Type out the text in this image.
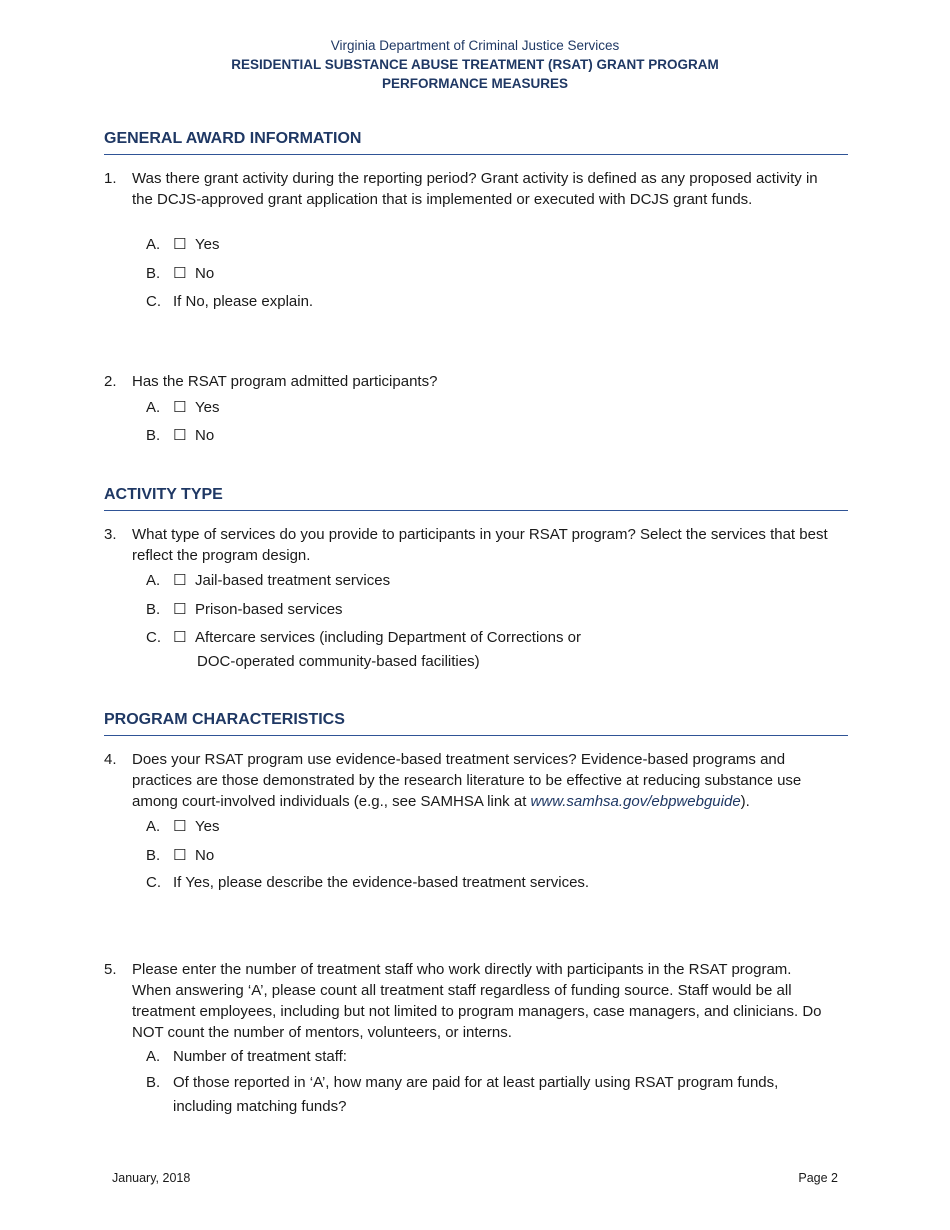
Virginia Department of Criminal Justice Services
RESIDENTIAL SUBSTANCE ABUSE TREATMENT (RSAT) GRANT PROGRAM
PERFORMANCE MEASURES
GENERAL AWARD INFORMATION
1. Was there grant activity during the reporting period? Grant activity is defined as any proposed activity in the DCJS-approved grant application that is implemented or executed with DCJS grant funds.
A. ☐ Yes
B. ☐ No
C. If No, please explain.
2. Has the RSAT program admitted participants?
A. ☐ Yes
B. ☐ No
ACTIVITY TYPE
3. What type of services do you provide to participants in your RSAT program? Select the services that best reflect the program design.
A. ☐ Jail-based treatment services
B. ☐ Prison-based services
C. ☐ Aftercare services (including Department of Corrections or
DOC-operated community-based facilities)
PROGRAM CHARACTERISTICS
4. Does your RSAT program use evidence-based treatment services? Evidence-based programs and practices are those demonstrated by the research literature to be effective at reducing substance use among court-involved individuals (e.g., see SAMHSA link at www.samhsa.gov/ebpwebguide).
A. ☐ Yes
B. ☐ No
C. If Yes, please describe the evidence-based treatment services.
5. Please enter the number of treatment staff who work directly with participants in the RSAT program. When answering ‘A’, please count all treatment staff regardless of funding source. Staff would be all treatment employees, including but not limited to program managers, case managers, and clinicians. Do NOT count the number of mentors, volunteers, or interns.
A. Number of treatment staff:
B. Of those reported in ‘A’, how many are paid for at least partially using RSAT program funds, including matching funds?
January, 2018	Page 2
